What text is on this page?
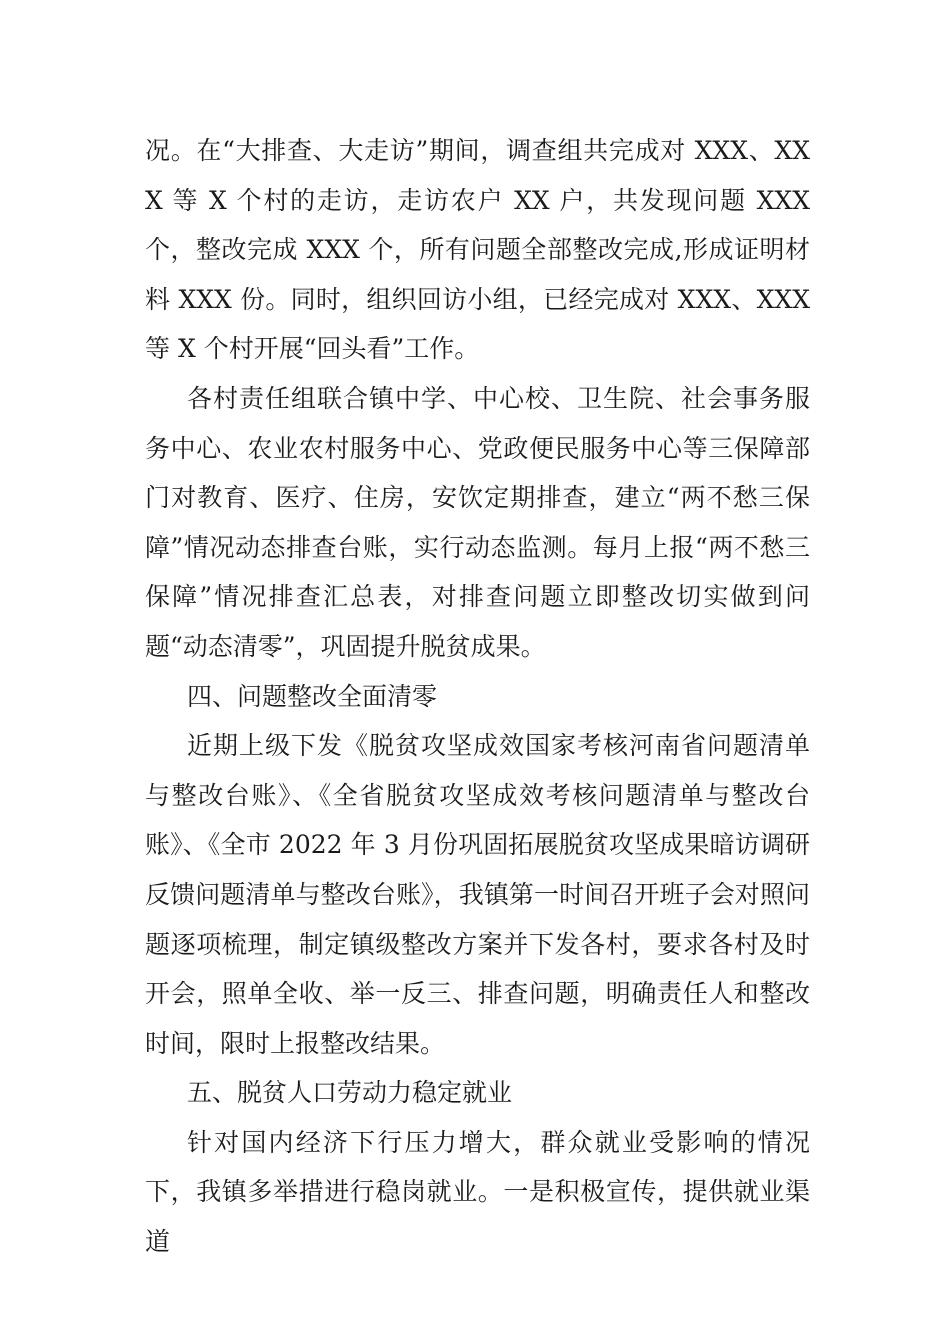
况。在“大排查、大走访”期间，调查组共完成对 XXX、XXX 等 X 个村的走访，走访农户 XX 户，共发现问题 XXX 个，整改完成 XXX 个，所有问题全部整改完成,形成证明材料 XXX 份。同时，组织回访小组，已经完成对 XXX、XXX 等 X 个村开展“回头看”工作。

各村责任组联合镇中学、中心校、卫生院、社会事务服务中心、农业农村服务中心、党政便民服务中心等三保障部门对教育、医疗、住房，安饮定期排查，建立“两不愁三保障”情况动态排查台账，实行动态监测。每月上报“两不愁三保障”情况排查汇总表，对排查问题立即整改切实做到问题“动态清零”，巩固提升脱贫成果。

四、问题整改全面清零

近期上级下发《脱贫攻坚成效国家考核河南省问题清单与整改台账》、《全省脱贫攻坚成效考核问题清单与整改台账》、《全市 2022 年 3 月份巩固拓展脱贫攻坚成果暗访调研反馈问题清单与整改台账》，我镇第一时间召开班子会对照问题逐项梳理，制定镇级整改方案并下发各村，要求各村及时开会，照单全收、举一反三、排查问题，明确责任人和整改时间，限时上报整改结果。

五、脱贫人口劳动力稳定就业

针对国内经济下行压力增大，群众就业受影响的情况下，我镇多举措进行稳岗就业。一是积极宣传，提供就业渠道
